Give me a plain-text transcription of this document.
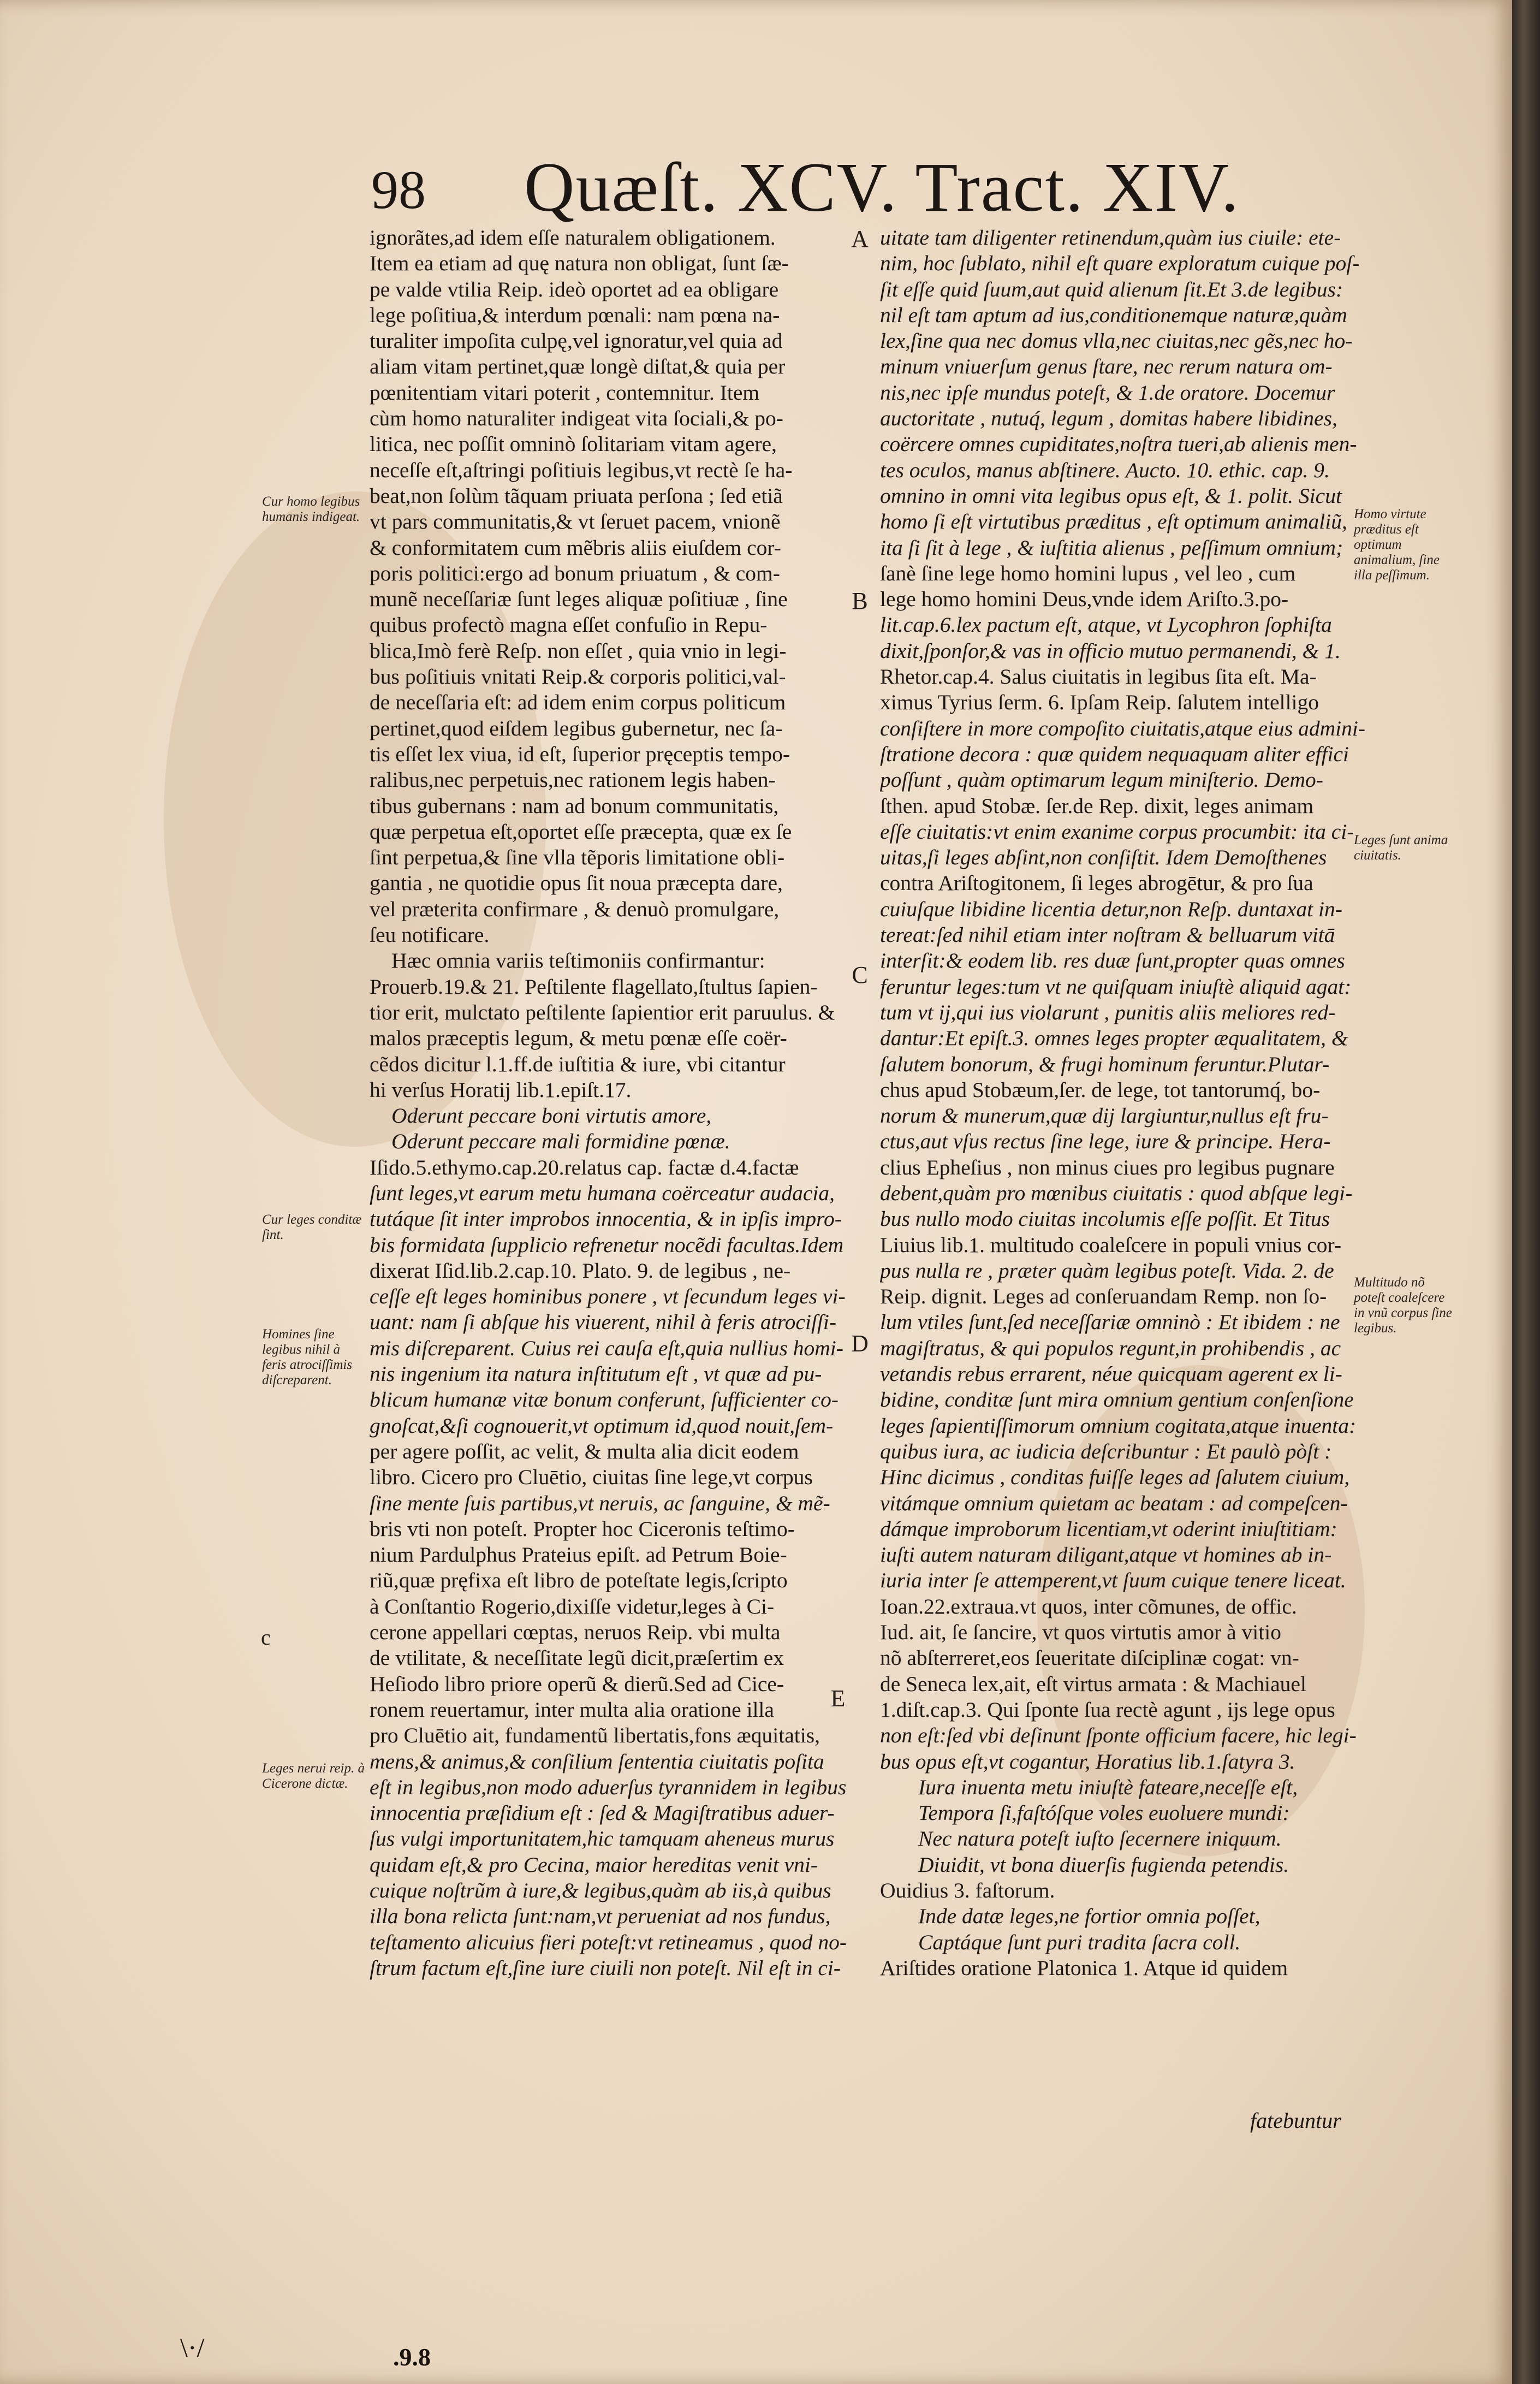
98 Quæſt. XCV. Tract. XIV.
ignorãtes,ad idem eſſe naturalem obligationem.
Item ea etiam ad quę natura non obligat, ſunt ſæ-
pe valde vtilia Reip. ideò oportet ad ea obligare
lege poſitiua,& interdum pœnali: nam pœna na-
turaliter impoſita culpę,vel ignoratur,vel quia ad
aliam vitam pertinet,quæ longè diſtat,& quia per
pœnitentiam vitari poterit , contemnitur. Item
cùm homo naturaliter indigeat vita ſociali,& po-
litica, nec poſſit omninò ſolitariam vitam agere,
neceſſe eſt,aſtringi poſitiuis legibus,vt rectè ſe ha-
beat,non ſolùm tãquam priuata perſona ; ſed etiã
vt pars communitatis,& vt ſeruet pacem, vnionẽ
& conformitatem cum mẽbris aliis eiuſdem cor-
poris politici:ergo ad bonum priuatum , & com-
munẽ neceſſariæ ſunt leges aliquæ poſitiuæ , ſine
quibus profectò magna eſſet confuſio in Repu-
blica,Imò ferè Reſp. non eſſet , quia vnio in legi-
bus poſitiuis vnitati Reip.& corporis politici,val-
de neceſſaria eſt: ad idem enim corpus politicum
pertinet,quod eiſdem legibus gubernetur, nec ſa-
tis eſſet lex viua, id eſt, ſuperior pręceptis tempo-
ralibus,nec perpetuis,nec rationem legis haben-
tibus gubernans : nam ad bonum communitatis,
quæ perpetua eſt,oportet eſſe præcepta, quæ ex ſe
ſint perpetua,& ſine vlla tẽporis limitatione obli-
gantia , ne quotidie opus ſit noua præcepta dare,
vel præterita confirmare , & denuò promulgare,
ſeu notificare.
Hæc omnia variis teſtimoniis confirmantur:
Prouerb.19.& 21. Peſtilente flagellato,ſtultus ſapien-
tior erit, mulctato peſtilente ſapientior erit paruulus. &
malos præceptis legum, & metu pœnæ eſſe coër-
cẽdos dicitur l.1.ff.de iuſtitia & iure, vbi citantur
hi verſus Horatij lib.1.epiſt.17.
Oderunt peccare boni virtutis amore,
Oderunt peccare mali formidine pœnæ.
Iſido.5.ethymo.cap.20.relatus cap. factæ d.4.factæ
ſunt leges,vt earum metu humana coërceatur audacia,
tutáque ſit inter improbos innocentia, & in ipſis impro-
bis formidata ſupplicio refrenetur nocẽdi facultas.Idem
dixerat Iſid.lib.2.cap.10. Plato. 9. de legibus , ne-
ceſſe eſt leges hominibus ponere , vt ſecundum leges vi-
uant: nam ſi abſque his viuerent, nihil à feris atrociſſi-
mis diſcreparent. Cuius rei cauſa eſt,quia nullius homi-
nis ingenium ita natura inſtitutum eſt , vt quæ ad pu-
blicum humanæ vitæ bonum conferunt, ſufficienter co-
gnoſcat,&ſi cognouerit,vt optimum id,quod nouit,ſem-
per agere poſſit, ac velit, & multa alia dicit eodem
libro. Cicero pro Cluētio, ciuitas ſine lege,vt corpus
ſine mente ſuis partibus,vt neruis, ac ſanguine, & mẽ-
bris vti non poteſt. Propter hoc Ciceronis teſtimo-
nium Pardulphus Prateius epiſt. ad Petrum Boie-
riũ,quæ pręfixa eſt libro de poteſtate legis,ſcripto
à Conſtantio Rogerio,dixiſſe videtur,leges à Ci-
cerone appellari cœptas, neruos Reip. vbi multa
de vtilitate, & neceſſitate legũ dicit,præſertim ex
Heſiodo libro priore operũ & dierũ.Sed ad Cice-
ronem reuertamur, inter multa alia oratione illa
pro Cluētio ait, fundamentũ libertatis,fons æquitatis,
mens,& animus,& conſilium ſententia ciuitatis poſita
eſt in legibus,non modo aduerſus tyrannidem in legibus
innocentia præſidium eſt : ſed & Magiſtratibus aduer-
ſus vulgi importunitatem,hic tamquam aheneus murus
quidam eſt,& pro Cecina, maior hereditas venit vni-
cuique noſtrũm à iure,& legibus,quàm ab iis,à quibus
illa bona relicta ſunt:nam,vt perueniat ad nos fundus,
teſtamento alicuius fieri poteſt:vt retineamus , quod no-
ſtrum factum eſt,ſine iure ciuili non poteſt. Nil eſt in ci-
uitate tam diligenter retinendum,quàm ius ciuile: ete-
nim, hoc ſublato, nihil eſt quare exploratum cuique poſ-
ſit eſſe quid ſuum,aut quid alienum ſit.Et 3.de legibus:
nil eſt tam aptum ad ius,conditionemque naturæ,quàm
lex,ſine qua nec domus vlla,nec ciuitas,nec gẽs,nec ho-
minum vniuerſum genus ſtare, nec rerum natura om-
nis,nec ipſe mundus poteſt, & 1.de oratore. Docemur
auctoritate , nutuq́, legum , domitas habere libidines,
coërcere omnes cupiditates,noſtra tueri,ab alienis men-
tes oculos, manus abſtinere. Aucto. 10. ethic. cap. 9.
omnino in omni vita legibus opus eſt, & 1. polit. Sicut
homo ſi eſt virtutibus præditus , eſt optimum animaliũ,
ita ſi ſit à lege , & iuſtitia alienus , peſſimum omnium;
ſanè ſine lege homo homini lupus , vel leo , cum
lege homo homini Deus,vnde idem Ariſto.3.po-
lit.cap.6.lex pactum eſt, atque, vt Lycophron ſophiſta
dixit,ſponſor,& vas in officio mutuo permanendi, & 1.
Rhetor.cap.4. Salus ciuitatis in legibus ſita eſt. Ma-
ximus Tyrius ſerm. 6. Ipſam Reip. ſalutem intelligo
conſiſtere in more compoſito ciuitatis,atque eius admini-
ſtratione decora : quæ quidem nequaquam aliter effici
poſſunt , quàm optimarum legum miniſterio. Demo-
ſthen. apud Stobæ. ſer.de Rep. dixit, leges animam
eſſe ciuitatis:vt enim exanime corpus procumbit: ita ci-
uitas,ſi leges abſint,non conſiſtit. Idem Demoſthenes
contra Ariſtogitonem, ſi leges abrogētur, & pro ſua
cuiuſque libidine licentia detur,non Reſp. duntaxat in-
tereat:ſed nihil etiam inter noſtram & belluarum vitā
interſit:& eodem lib. res duæ ſunt,propter quas omnes
feruntur leges:tum vt ne quiſquam iniuſtè aliquid agat:
tum vt ij,qui ius violarunt , punitis aliis meliores red-
dantur:Et epiſt.3. omnes leges propter æqualitatem, &
ſalutem bonorum, & frugi hominum feruntur.Plutar-
chus apud Stobæum,ſer. de lege, tot tantorumq́, bo-
norum & munerum,quæ dij largiuntur,nullus eſt fru-
ctus,aut vſus rectus ſine lege, iure & principe. Hera-
clius Epheſius , non minus ciues pro legibus pugnare
debent,quàm pro mœnibus ciuitatis : quod abſque legi-
bus nullo modo ciuitas incolumis eſſe poſſit. Et Titus
Liuius lib.1. multitudo coaleſcere in populi vnius cor-
pus nulla re , præter quàm legibus poteſt. Vida. 2. de
Reip. dignit. Leges ad conſeruandam Remp. non ſo-
lum vtiles ſunt,ſed neceſſariæ omninò : Et ibidem : ne
magiſtratus, & qui populos regunt,in prohibendis , ac
vetandis rebus errarent, néue quicquam agerent ex li-
bidine, conditæ ſunt mira omnium gentium conſenſione
leges ſapientiſſimorum omnium cogitata,atque inuenta:
quibus iura, ac iudicia deſcribuntur : Et paulò pòſt :
Hinc dicimus , conditas fuiſſe leges ad ſalutem ciuium,
vitámque omnium quietam ac beatam : ad compeſcen-
dámque improborum licentiam,vt oderint iniuſtitiam:
iuſti autem naturam diligant,atque vt homines ab in-
iuria inter ſe attemperent,vt ſuum cuique tenere liceat.
Ioan.22.extrauа.vt quos, inter cõmunes, de offic.
Iud. ait, ſe ſancire, vt quos virtutis amor à vitio
nõ abſterreret,eos ſeueritate diſciplinæ cogat: vn-
de Seneca lex,ait, eſt virtus armata : & Machiauel
1.diſt.cap.3. Qui ſponte ſua rectè agunt , ijs lege opus
non eſt:ſed vbi deſinunt ſponte officium facere, hic legi-
bus opus eſt,vt cogantur, Horatius lib.1.ſatyra 3.
Iura inuenta metu iniuſtè fateare,neceſſe eſt,
Tempora ſi,faſtóſque voles euoluere mundi:
Nec natura poteſt iuſto ſecernere iniquum.
Diuidit, vt bona diuerſis fugienda petendis.
Ouidius 3. faſtorum.
Inde datæ leges,ne fortior omnia poſſet,
Captáque ſunt puri tradita ſacra coll.
Ariſtides oratione Platonica 1. Atque id quidem
A
B
C
D
E
Cur homo legibus humanis indigeat.
Cur leges conditæ ſint.
Homines ſine legibus nihil à feris atrociſſimis diſcreparent.
c
Leges nerui reip. à Cicerone dictæ.
Homo virtute præditus eſt optimum animalium, ſine illa peſſimum.
Leges ſunt anima ciuitatis.
Multitudo nõ poteſt coaleſcere in vnũ corpus ſine legibus.
fatebuntur
.9.8
\·/
